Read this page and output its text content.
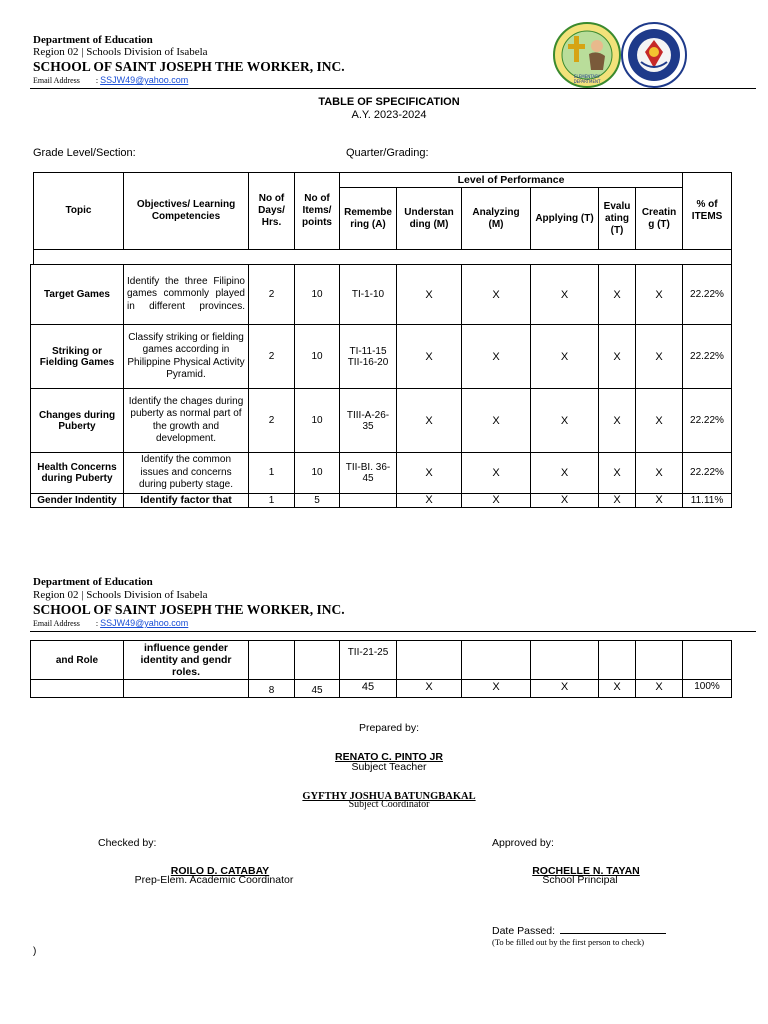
Department of Education
Region 02 | Schools Division of Isabela
SCHOOL OF SAINT JOSEPH THE WORKER, INC.
Email Address : SSJW49@yahoo.com	ELEMENTARY
DEPARTMENT
TABLE OF SPECIFICATION
A.Y. 2023-2024
Grade Level/Section:	Quarter/Grading:
Topic	Objectives/ Learning Competencies	No of Days/ Hrs.	No of Items/ points	Level of Performance						% of ITEMS
				Remembe ring (A)	Understan ding (M)	Analyzing (M)	Applying (T)	Evalu ating (T)	Creatin g (T)	

Target Games	Identify the three Filipino games commonly played in different provinces.	2	10	TI-1-10	X	X	X	X	X	22.22%
Striking or Fielding Games	Classify striking or fielding games according in Philippine Physical Activity Pyramid.	2	10	TI-11-15 TII-16-20	X	X	X	X	X	22.22%
Changes during Puberty	Identify the chages during puberty as normal part of the growth and development.	2	10	TIII-A-26-35	X	X	X	X	X	22.22%
Health Concerns during Puberty	Identify the common issues and concerns during puberty stage.	1	10	TII-BI. 36-45	X	X	X	X	X	22.22%
Gender Indentity	Identify factor that	1	5		X	X	X	X	X	11.11%
Department of Education
Region 02 | Schools Division of Isabela
SCHOOL OF SAINT JOSEPH THE WORKER, INC.
Email Address : SSJW49@yahoo.com
and Role	influence gender identity and gendr roles.			TII-21-25						
		8	45	45	X	X	X	X	X	100%
Prepared by:
RENATO C. PINTO JR
Subject Teacher
GYFTHY JOSHUA BATUNGBAKAL
Subject Coordinator
Checked by:
ROILO D. CATABAY
Prep-Elem. Academic Coordinator
Approved by:
ROCHELLE N. TAYAN
School Principal
Date Passed:
(To be filled out by the first person to check)
)
